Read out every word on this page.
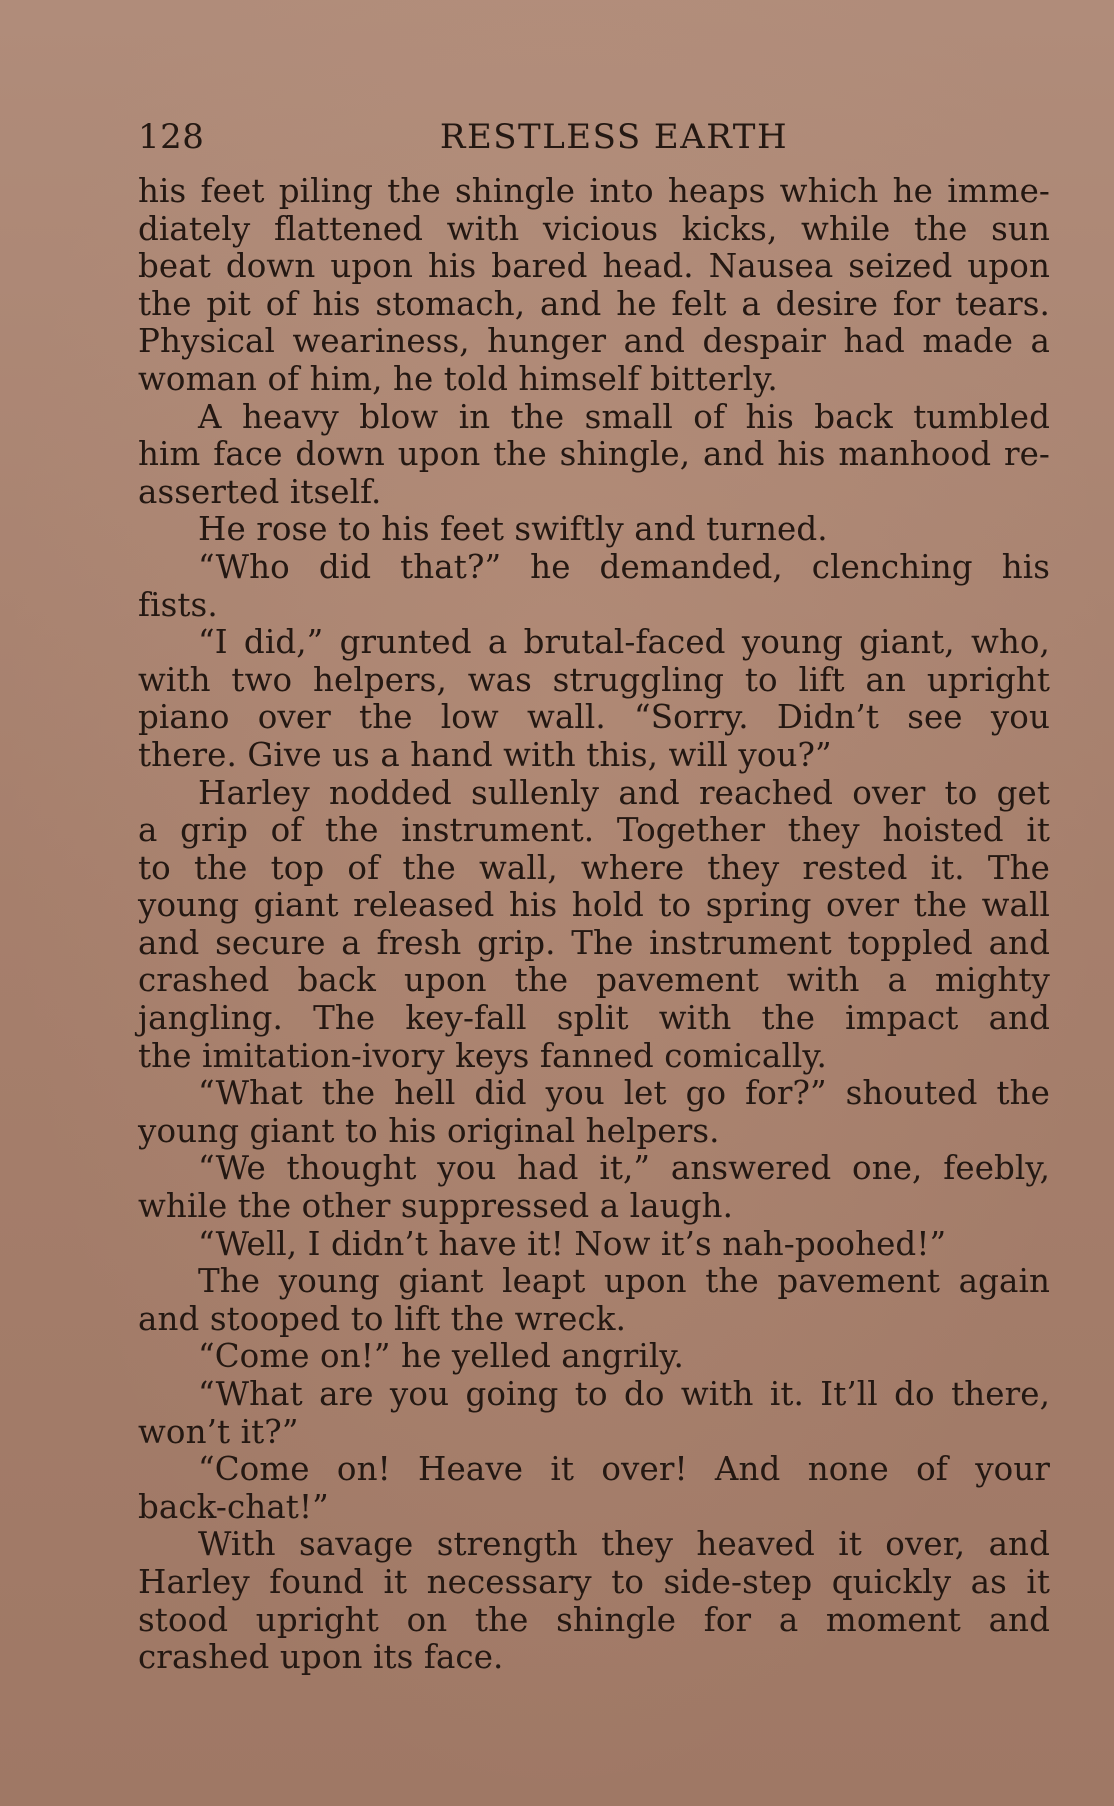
128	RESTLESS EARTH
his feet piling the shingle into heaps which he imme-
diately flattened with vicious kicks, while the sun
beat down upon his bared head. Nausea seized upon
the pit of his stomach, and he felt a desire for tears.
Physical weariness, hunger and despair had made a
woman of him, he told himself bitterly.
A heavy blow in the small of his back tumbled
him face down upon the shingle, and his manhood re-
asserted itself.
He rose to his feet swiftly and turned.
“Who did that?” he demanded, clenching his
fists.
“I did,” grunted a brutal-faced young giant, who,
with two helpers, was struggling to lift an upright
piano over the low wall. “Sorry. Didn’t see you
there. Give us a hand with this, will you?”
Harley nodded sullenly and reached over to get
a grip of the instrument. Together they hoisted it
to the top of the wall, where they rested it. The
young giant released his hold to spring over the wall
and secure a fresh grip. The instrument toppled and
crashed back upon the pavement with a mighty
jangling. The key-fall split with the impact and
the imitation-ivory keys fanned comically.
“What the hell did you let go for?” shouted the
young giant to his original helpers.
“We thought you had it,” answered one, feebly,
while the other suppressed a laugh.
“Well, I didn’t have it! Now it’s nah-poohed!”
The young giant leapt upon the pavement again
and stooped to lift the wreck.
“Come on!” he yelled angrily.
“What are you going to do with it. It’ll do there,
won’t it?”
“Come on! Heave it over! And none of your
back-chat!”
With savage strength they heaved it over, and
Harley found it necessary to side-step quickly as it
stood upright on the shingle for a moment and
crashed upon its face.
